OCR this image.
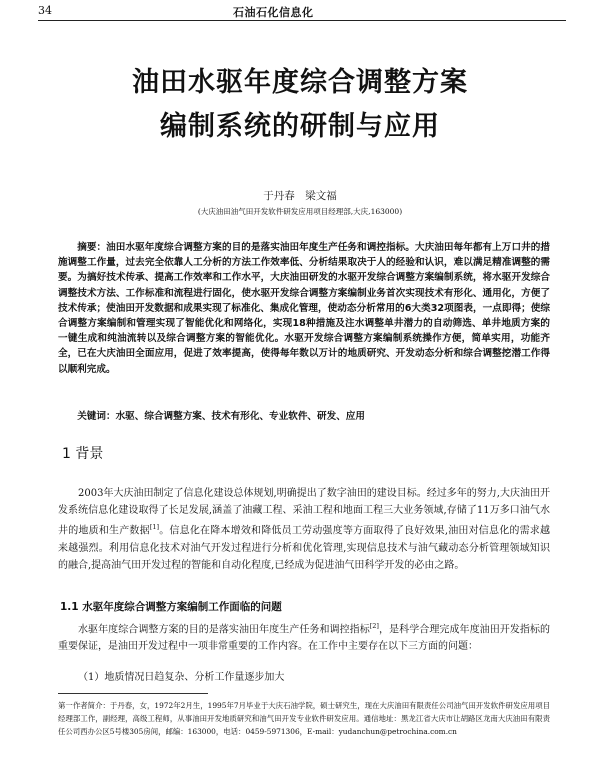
34	石油石化信息化
油田水驱年度综合调整方案
编制系统的研制与应用
于丹春　梁文福
(大庆油田油气田开发软件研发应用项目经理部,大庆,163000)

摘要：油田水驱年度综合调整方案的目的是落实油田年度生产任务和调控指标。大庆油田每年都有上万口井的措施调整工作量，过去完全依靠人工分析的方法工作效率低、分析结果取决于人的经验和认识，难以满足精准调整的需要。为搞好技术传承、提高工作效率和工作水平，大庆油田研发的水驱开发综合调整方案编制系统，将水驱开发综合调整技术方法、工作标准和流程进行固化，使水驱开发综合调整方案编制业务首次实现技术有形化、通用化，方便了技术传承；使油田开发数据和成果实现了标准化、集成化管理，使动态分析常用的6大类32项图表，一点即得；使综合调整方案编制和管理实现了智能优化和网络化，实现18种措施及注水调整单井潜力的自动筛选、单井地质方案的一键生成和纯油流转以及综合调整方案的智能优化。水驱开发综合调整方案编制系统操作方便，简单实用，功能齐全，已在大庆油田全面应用，促进了效率提高，使得每年数以万计的地质研究、开发动态分析和综合调整挖潜工作得以顺利完成。

关键词：水驱、综合调整方案、技术有形化、专业软件、研发、应用
1 背景

2003年大庆油田制定了信息化建设总体规划,明确提出了数字油田的建设目标。经过多年的努力,大庆油田开发系统信息化建设取得了长足发展,涵盖了油藏工程、采油工程和地面工程三大业务领域,存储了11万多口油气水井的地质和生产数据[1]。信息化在降本增效和降低员工劳动强度等方面取得了良好效果,油田对信息化的需求越来越强烈。利用信息化技术对油气开发过程进行分析和优化管理,实现信息技术与油气藏动态分析管理领域知识的融合,提高油气田开发过程的智能和自动化程度,已经成为促进油气田科学开发的必由之路。

1.1 水驱年度综合调整方案编制工作面临的问题

水驱年度综合调整方案的目的是落实油田年度生产任务和调控指标[2]，是科学合理完成年度油田开发指标的重要保证，是油田开发过程中一项非常重要的工作内容。在工作中主要存在以下三方面的问题：

（1）地质情况日趋复杂、分析工作量逐步加大

第一作者简介：于丹春，女，1972年2月生，1995年7月毕业于大庆石油学院，硕士研究生，现在大庆油田有限责任公司油气田开发软件研发应用项目经理部工作，副经理，高级工程师，从事油田开发地质研究和油气田开发专业软件研发应用。通信地址：黑龙江省大庆市让胡路区龙南大庆油田有限责任公司西办公区5号楼305房间，邮编：163000，电话：0459-5971306，E-mail：yudanchun@petrochina.com.cn
